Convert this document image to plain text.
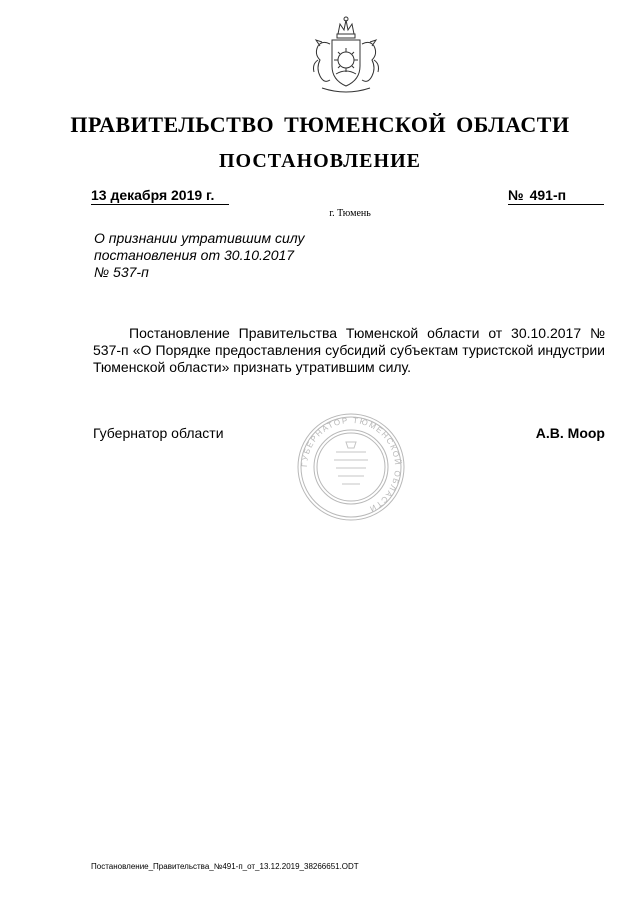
ПРАВИТЕЛЬСТВО ТЮМЕНСКОЙ ОБЛАСТИ
ПОСТАНОВЛЕНИЕ
13 декабря 2019 г.	№ 491-п
г. Тюмень
О признании утратившим силу
постановления от 30.10.2017
№ 537-п
Постановление Правительства Тюменской области от 30.10.2017 № 537-п «О Порядке предоставления субсидий субъектам туристской индустрии Тюменской области» признать утратившим силу.
ГУБЕРНАТОР ТЮМЕНСКОЙ ОБЛАСТИ
Губернатор области	А.В. Моор
Постановление_Правительства_№491-п_от_13.12.2019_38266651.ODT
